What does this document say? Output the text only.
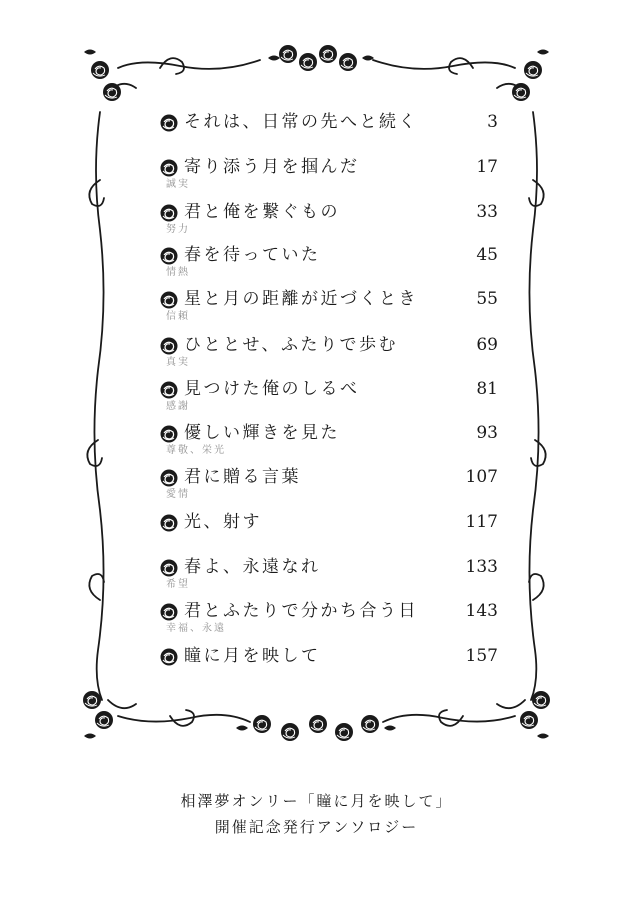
それは、日常の先へと続く	3
寄り添う月を掴んだ	17
誠実
君と俺を繋ぐもの	33
努力
春を待っていた	45
情熱
星と月の距離が近づくとき	55
信頼
ひととせ、ふたりで歩む	69
真実
見つけた俺のしるべ	81
感謝
優しい輝きを見た	93
尊敬、栄光
君に贈る言葉	107
愛情
光、射す	117
春よ、永遠なれ	133
希望
君とふたりで分かち合う日	143
幸福、永遠
瞳に月を映して	157
相澤夢オンリー「瞳に月を映して」
開催記念発行アンソロジー
